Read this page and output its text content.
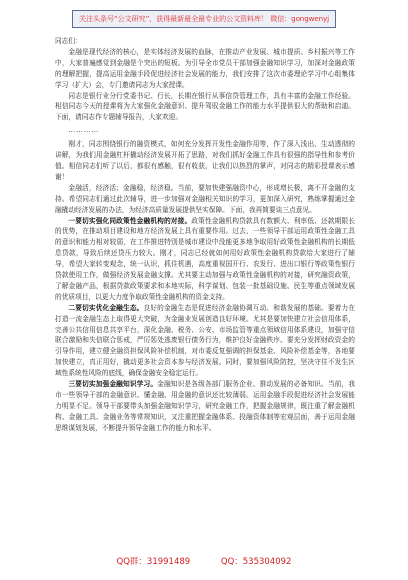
关注头条号“公文研究”，获得最新最全最专业的公文资料库！ 微信：gongwenyj

同志们：

金融是现代经济的核心，是实体经济发展的血脉，在推动产业发展、城市提质、乡村振兴等工作中，大家普遍感觉到金融是个突出的短板。为引导全市党员干部加强金融知识学习，加深对金融政策的理解把握，提高运用金融手段促进经济社会发展的能力，我们安排了这次市委理论学习中心组集体学习（扩大）会，专门邀请同志为大家授课。

同志是银行业分行党委书记、行长，长期在银行从事信贷管理工作，具有丰富的金融工作经验。相信同志今天的授课将为大家强化金融意识、提升驾驭金融工作的能力水平提供很大的帮助和启迪。下面，请同志作专题辅导报告，大家欢迎。

…………

刚才，同志围绕银行的融资模式，如何充分发挥开发性金融作用等，作了深入浅出、生动透彻的讲解，为我们用金融杠杆撬动经济发展开拓了思路，对我们抓好金融工作具有很强的指导性和参考价值。相信同志们听了以后，都很有感触，很有收获，让我们以热烈的掌声，对同志的精彩授课表示感谢！

金融活，经济活；金融稳，经济稳。当前，要加快建强融资中心，形成增长极，离不开金融的支持。希望同志们通过此次辅导，进一步加强对金融相关知识的学习，更加深入研究，熟练掌握通过金融撬动经济发展的办法，为经济高质量发展提供坚实保障。下面，我再简要谈三点意见。

一要切实强化同政策性金融机构的对接。政策性金融机构贷款具有数额大、利率低、还款期限长的优势，在推动项目建设和地方经济发展上具有重要作用。过去，一些领导干部运用政策性金融工具的意识和能力相对较弱，在工作推进特别是城市建设中没能更多地争取用好政策性金融机构的长期低息贷款，导致后续还贷压力较大。刚才，同志已经就如何用好政策性金融机构贷款给大家进行了辅导，希望大家转变观念，统一认识，抓住机遇，高度重视国开行、农发行、进出口银行等政策性银行贷款使用工作，做强经济发展金融支撑。尤其要主动加强与政策性金融机构的对接，研究融资政策，了解金融产品，根据贷款政策要求和本地实际，科学谋划、包装一批基础设施、民生等重点领域发展的优质项目，以更大力度争取政策性金融机构的资金支持。

二要切实优化金融生态。良好的金融生态是促进经济金融协调互动、和谐发展的基础。要着力在打造一流金融生态上取得更大突破，为金融业发展创造良好环境。尤其是要加快建立社会信用体系，完善公共信用信息共享平台，深化金融、税务、公安、市场监管等重点领域信用体系建设，加强守信联合激励和失信联合惩戒，严厉惩处逃废银行债务行为，维护良好金融秩序。要充分发挥财政资金的引导作用，建立健全融资担保风险补偿机制，对市委反复强调的担保基金、风险补偿基金等，各地要加快建立，真正用好，撬动更多社会资本参与经济发展。同时，要加强风险防控，坚决守住不发生区域性系统性风险的底线，确保金融安全稳定运行。

三要切实加强金融知识学习。金融知识是各级各部门服务企业、推动发展的必备知识。当前，我市一些领导干部的金融意识、懂金融、用金融的意识还比较薄弱。运用金融手段促进经济社会发展能力明显不足。领导干部要带头加强金融知识学习，研究金融工作，把握金融规律，既注重了解金融机构、金融工具、金融业务等常规知识，又注重把握金融体系、投融资体制等宏观层面，善于运用金融思维谋划发展，不断提升领导金融工作的能力和水平。

QQ群：31991489	QQ：535304092
